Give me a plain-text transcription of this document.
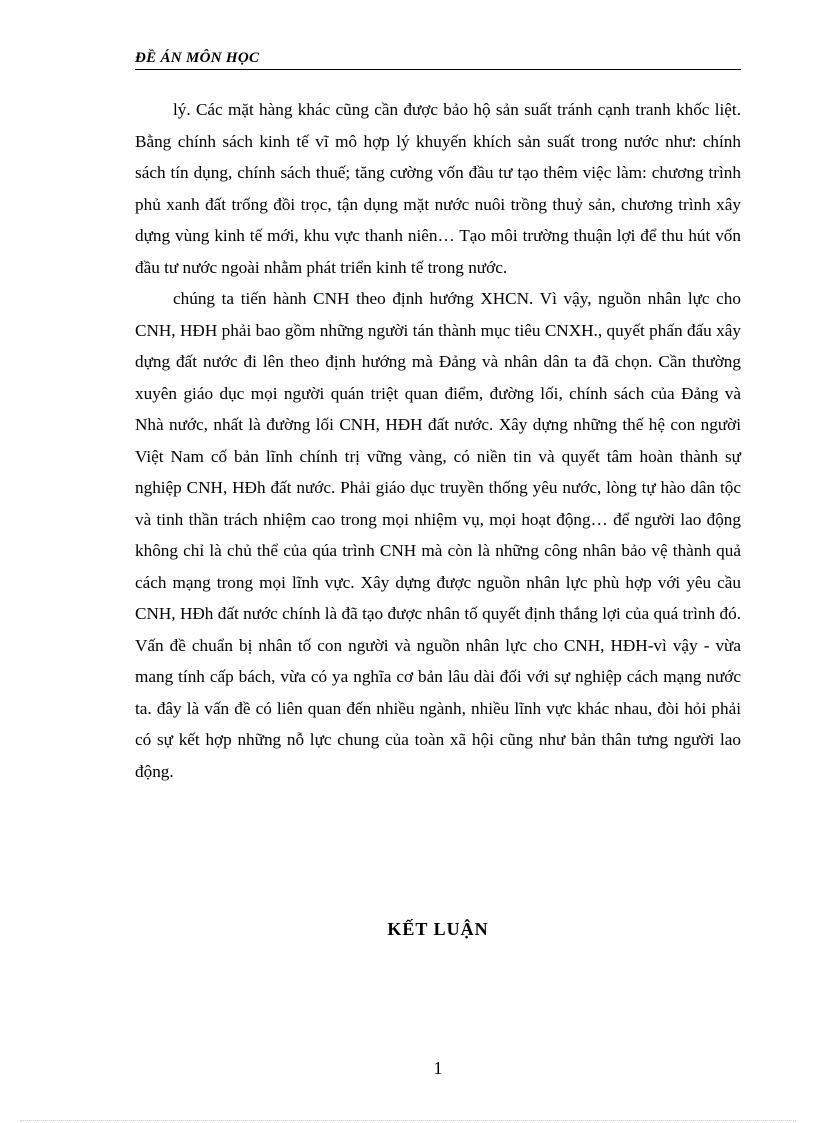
ĐỀ ÁN MÔN HỌC

lý. Các mặt hàng khác cũng cần được bảo hộ sản suất tránh cạnh tranh khốc liệt. Bằng chính sách kinh tế vĩ mô hợp lý khuyến khích sản suất trong nước như: chính sách tín dụng, chính sách thuế; tăng cường vốn đầu tư tạo thêm việc làm: chương trình phủ xanh đất trống đồi trọc, tận dụng mặt nước nuôi trồng thuỷ sản, chương trình xây dựng vùng kinh tế mới, khu vực thanh niên… Tạo môi trường thuận lợi để thu hút vốn đầu tư nước ngoài nhằm phát triển kinh tế trong nước.

chúng ta tiến hành CNH theo định hướng XHCN. Vì vậy, nguồn nhân lực cho CNH, HĐH phải bao gồm những người tán thành mục tiêu CNXH., quyết phấn đấu xây dựng đất nước đi lên theo định hướng mà Đảng và nhân dân ta đã chọn. Cần thường xuyên giáo dục mọi người quán triệt quan điểm, đường lối, chính sách của Đảng và Nhà nước, nhất là đường lối CNH, HĐH đất nước. Xây dựng những thế hệ con người Việt Nam cố bản lĩnh chính trị vững vàng, có niền tin và quyết tâm hoàn thành sự nghiệp CNH, HĐh đất nước. Phải giáo dục truyền thống yêu nước, lòng tự hào dân tộc và tinh thần trách nhiệm cao trong mọi nhiệm vụ, mọi hoạt động… để người lao động không chỉ là chủ thể của qúa trình CNH mà còn là những công nhân bảo vệ thành quả cách mạng trong mọi lĩnh vực. Xây dựng được nguồn nhân lực phù hợp với yêu cầu CNH, HĐh đất nước chính là đã tạo được nhân tố quyết định thắng lợi của quá trình đó. Vấn đề chuẩn bị nhân tố con người và nguồn nhân lực cho CNH, HĐH-vì vậy - vừa mang tính cấp bách, vừa có ya nghĩa cơ bản lâu dài đối với sự nghiệp cách mạng nước ta. đây là vấn đề có liên quan đến nhiều ngành, nhiều lĩnh vực khác nhau, đòi hỏi phải có sự kết hợp những nỗ lực chung của toàn xã hội cũng như bản thân tưng người lao động.

KẾT LUẬN
1
